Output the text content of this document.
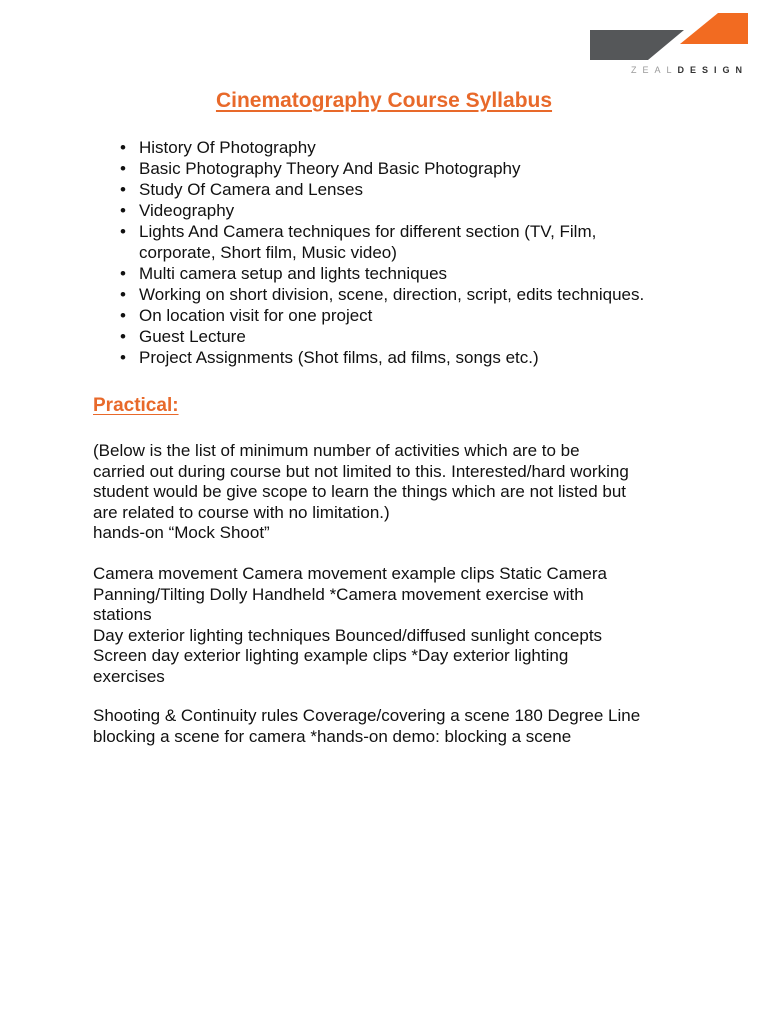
ZEAL DESIGN
Cinematography Course Syllabus
• History Of Photography
• Basic Photography Theory And Basic Photography
• Study Of Camera and Lenses
• Videography
• Lights And Camera techniques for different section (TV, Film,
corporate, Short film, Music video)
• Multi camera setup and lights techniques
• Working on short division, scene, direction, script, edits techniques.
• On location visit for one project
• Guest Lecture
• Project Assignments (Shot films, ad films, songs etc.)
Practical:

(Below is the list of minimum number of activities which are to be
carried out during course but not limited to this. Interested/hard working
student would be give scope to learn the things which are not listed but
are related to course with no limitation.)
hands-on “Mock Shoot”

Camera movement Camera movement example clips Static Camera
Panning/Tilting Dolly Handheld *Camera movement exercise with
stations
Day exterior lighting techniques Bounced/diffused sunlight concepts
Screen day exterior lighting example clips *Day exterior lighting
exercises

Shooting & Continuity rules Coverage/covering a scene 180 Degree Line
blocking a scene for camera *hands-on demo: blocking a scene
